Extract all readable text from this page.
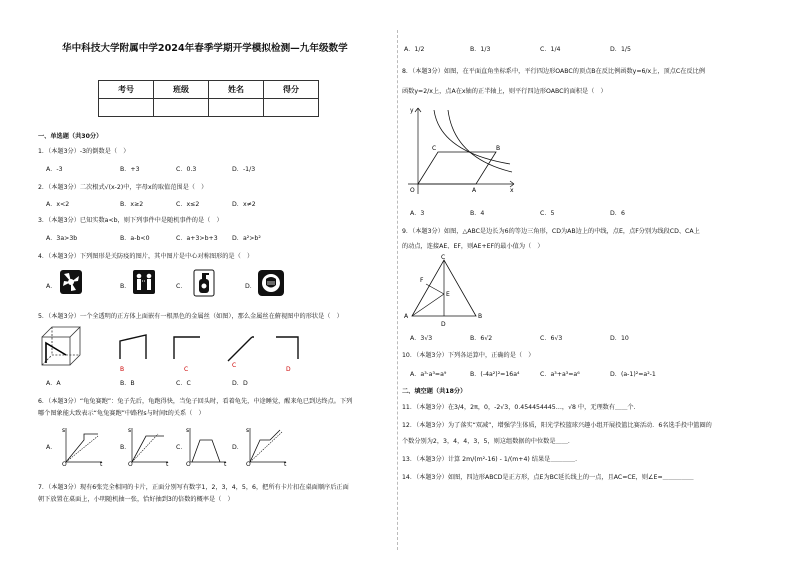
华中科技大学附属中学2024年春季学期开学模拟检测—九年级数学
考号	班级	姓名	得分

一、单选题（共30分）
1．（本题3分）-3的倒数是（　）
A．-3	B．+3	C．0.3	D．-1/3
2．（本题3分）二次根式√(x-2)中，字母x的取值范围是（　）
A．x<2	B．x≥2	C．x≤2	D．x≠2
3．（本题3分）已知实数a<b，则下列事件中是随机事件的是（　）
A．3a>3b	B．a-b<0	C．a+3>b+3 D．a²>b²
4．（本题3分）下列图形是关防疫的图片，其中图片是中心对称图形的是（　）
A．	B．	C．	D．
5．（本题3分）一个全透明的正方体上面嵌有一根黑色的金属丝（如图），那么金属丝在俯视图中的形状是（　）
B	C
C
D
A．A	B．B	C．C	D．D
6．（本题3分）“龟兔赛跑”：兔子先后，龟跑得快，当兔子回头时，看着龟先，中途睡觉，醒来龟已到达终点。下列
哪个图象能大致表示“龟兔赛跑”中路程s与时间t的关系（　）
A．	B．	C．	D．
s
t
O
s
t
O
s
t
O
s
t
O
7．（本题3分）现有6张完全相同的卡片，正面分别写有数字1，2，3，4，5，6，把所有卡片扣在桌面顺序后正面
朝下放置在桌面上，小明随机抽一张，恰好抽到3的倍数的概率是（　）
A．1/2	B．1/3	C．1/4	D．1/5
8．（本题3分）如图，在平面直角坐标系中，平行四边形OABC的顶点B在反比例函数y=6/x上，顶点C在反比例
函数y=2/x上，点A在x轴的正半轴上，则平行四边形OABC的面积是（　）
y
x
O	A
B
C
A．3	B．4	C．5	D．6
9．（本题3分）如图，△ABC是边长为6的等边三角形，CD为AB边上的中线，点E，点F分别为线段CD、CA上
的动点，连接AE、EF，则AE+EF的最小值为（　）
C
A	B
D
E
F
A．3√3	B．6√2	C．6√3	D．10
10．（本题3分）下列各运算中，正确的是（　）
A．a³·a³=a⁹	B．(-4a²)²=16a⁴	C．a³+a³=a⁶	D．(a-1)²=a²-1
二、填空题（共18分）
11．（本题3分）在3/4，2π，0，-2√3，0.454454445…，√8 中，无理数有＿＿个.
12．（本题3分）为了落实“双减”，增强学生体质，阳光学校篮球兴趣小组开展投篮比赛活动．6名选手投中篮圈的
个数分别为2，3，4，4，3，5，则这组数据的中位数是＿＿．
13．（本题3分）计算 2m/(m²-16) - 1/(m+4) 结果是＿＿＿＿．
14．（本题3分）如图，四边形ABCD是正方形，点E为BC延长线上的一点，且AC=CE，则∠E=＿＿＿＿＿
